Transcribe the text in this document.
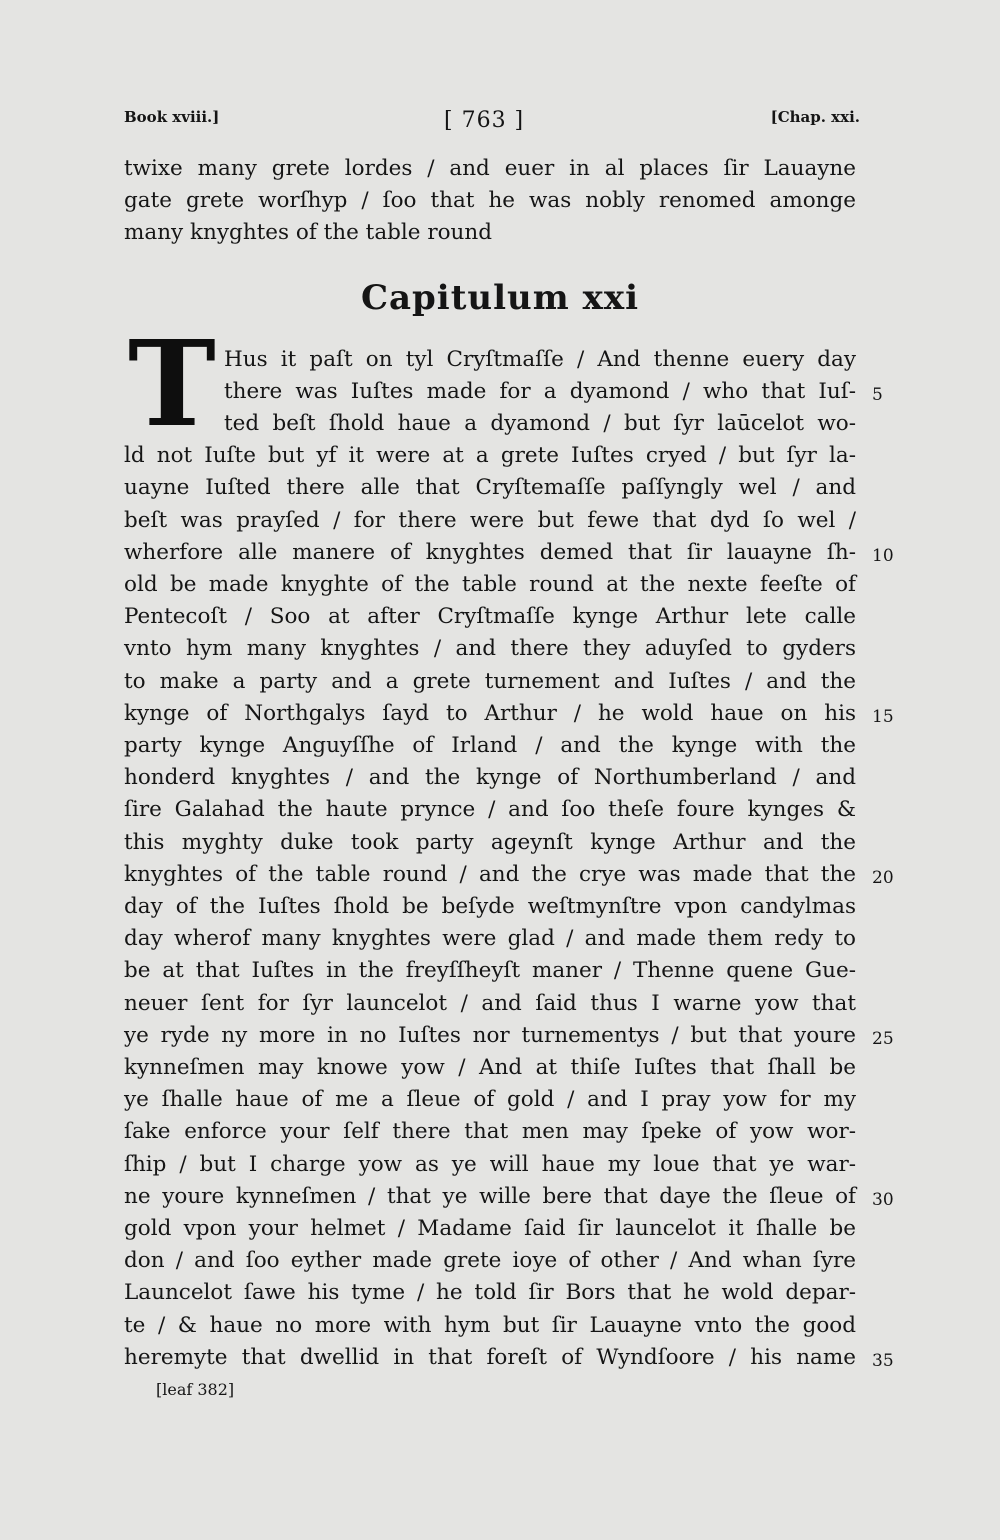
Book xviii.]	[ 763 ]	[Chap. xxi.
twixe many grete lordes / and euer in al places ſir Lauayne
gate grete worſhyp / ſoo that he was nobly renomed amonge
many knyghtes of the table round
Capitulum xxi
T Hus it paſt on tyl Cryſtmaſſe / And thenne euery day
there was Iuſtes made for a dyamond / who that Iuſ-
ted beſt ſhold haue a dyamond / but ſyr laūcelot wo-
ld not Iuſte but yf it were at a grete Iuſtes cryed / but ſyr la-
uayne Iuſted there alle that Cryſtemaſſe paſſyngly wel / and
beſt was prayſed / for there were but fewe that dyd ſo wel /
wherfore alle manere of knyghtes demed that ſir lauayne ſh-
old be made knyghte of the table round at the nexte feeſte of
Pentecoſt / Soo at after Cryſtmaſſe kynge Arthur lete calle
vnto hym many knyghtes / and there they aduyſed to gyders
to make a party and a grete turnement and Iuſtes / and the
kynge of Northgalys ſayd to Arthur / he wold haue on his
party kynge Anguyſſhe of Irland / and the kynge with the
honderd knyghtes / and the kynge of Northumberland / and
ſire Galahad the haute prynce / and ſoo theſe foure kynges &
this myghty duke took party ageynſt kynge Arthur and the
knyghtes of the table round / and the crye was made that the
day of the Iuſtes ſhold be beſyde weſtmynſtre vpon candylmas
day wherof many knyghtes were glad / and made them redy to
be at that Iuſtes in the freyſſheyſt maner / Thenne quene Gue-
neuer ſent for ſyr launcelot / and ſaid thus I warne yow that
ye ryde ny more in no Iuſtes nor turnementys / but that youre
kynneſmen may knowe yow / And at thiſe Iuſtes that ſhall be
ye ſhalle haue of me a ſleue of gold / and I pray yow for my
ſake enforce your ſelf there that men may ſpeke of yow wor-
ſhip / but I charge yow as ye will haue my loue that ye war-
ne youre kynneſmen / that ye wille bere that daye the ſleue of
gold vpon your helmet / Madame ſaid ſir launcelot it ſhalle be
don / and ſoo eyther made grete ioye of other / And whan ſyre
Launcelot ſawe his tyme / he told ſir Bors that he wold depar-
te / & haue no more with hym but ſir Lauayne vnto the good
heremyte that dwellid in that foreſt of Wyndſoore / his name
5
10
15
20
25
30
35
[leaf 382]
